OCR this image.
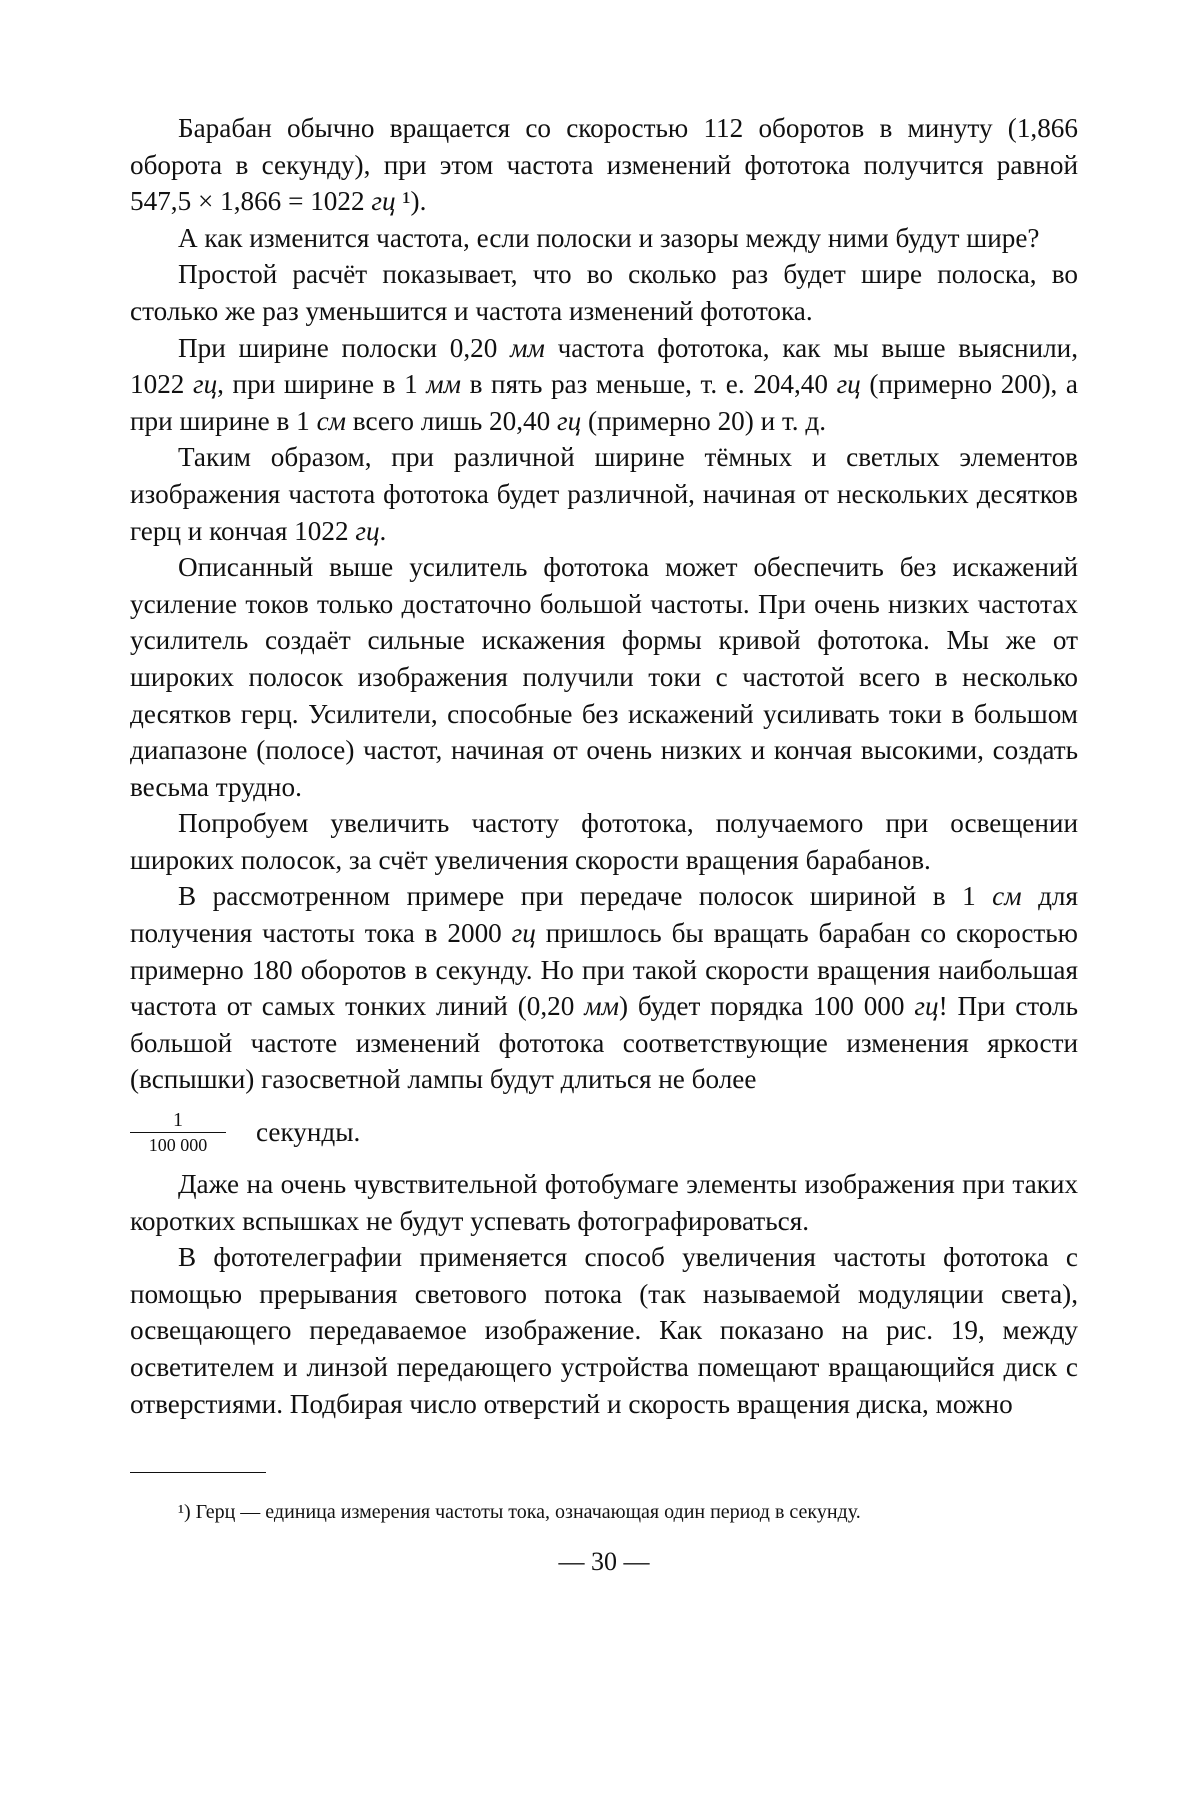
Барабан обычно вращается со скоростью 112 оборотов в минуту (1,866 оборота в секунду), при этом частота изменений фототока получится равной 547,5 × 1,866 = 1022 гц ¹).

А как изменится частота, если полоски и зазоры между ними будут шире?

Простой расчёт показывает, что во сколько раз будет шире полоска, во столько же раз уменьшится и частота изменений фототока.

При ширине полоски 0,20 мм частота фототока, как мы выше выяснили, 1022 гц, при ширине в 1 мм в пять раз меньше, т. е. 204,40 гц (примерно 200), а при ширине в 1 см всего лишь 20,40 гц (примерно 20) и т. д.

Таким образом, при различной ширине тёмных и светлых элементов изображения частота фототока будет различной, начиная от нескольких десятков герц и кончая 1022 гц.

Описанный выше усилитель фототока может обеспечить без искажений усиление токов только достаточно большой частоты. При очень низких частотах усилитель создаёт сильные искажения формы кривой фототока. Мы же от широких полосок изображения получили токи с частотой всего в несколько десятков герц. Усилители, способные без искажений усиливать токи в большом диапазоне (полосе) частот, начиная от очень низких и кончая высокими, создать весьма трудно.

Попробуем увеличить частоту фототока, получаемого при освещении широких полосок, за счёт увеличения скорости вращения барабанов.

В рассмотренном примере при передаче полосок шириной в 1 см для получения частоты тока в 2000 гц пришлось бы вращать барабан со скоростью примерно 180 оборотов в секунду. Но при такой скорости вращения наибольшая частота от самых тонких линий (0,20 мм) будет порядка 100 000 гц! При столь большой частоте изменений фототока соответствующие изменения яркости (вспышки) газосветной лампы будут длиться не более

$\frac{1}{100 000}$ секунды.

Даже на очень чувствительной фотобумаге элементы изображения при таких коротких вспышках не будут успевать фотографироваться.

В фототелеграфии применяется способ увеличения частоты фототока с помощью прерывания светового потока (так называемой модуляции света), освещающего передаваемое изображение. Как показано на рис. 19, между осветителем и линзой передающего устройства помещают вращающийся диск с отверстиями. Подбирая число отверстий и скорость вращения диска, можно

¹) Герц — единица измерения частоты тока, означающая один период в секунду.

— 30 —
